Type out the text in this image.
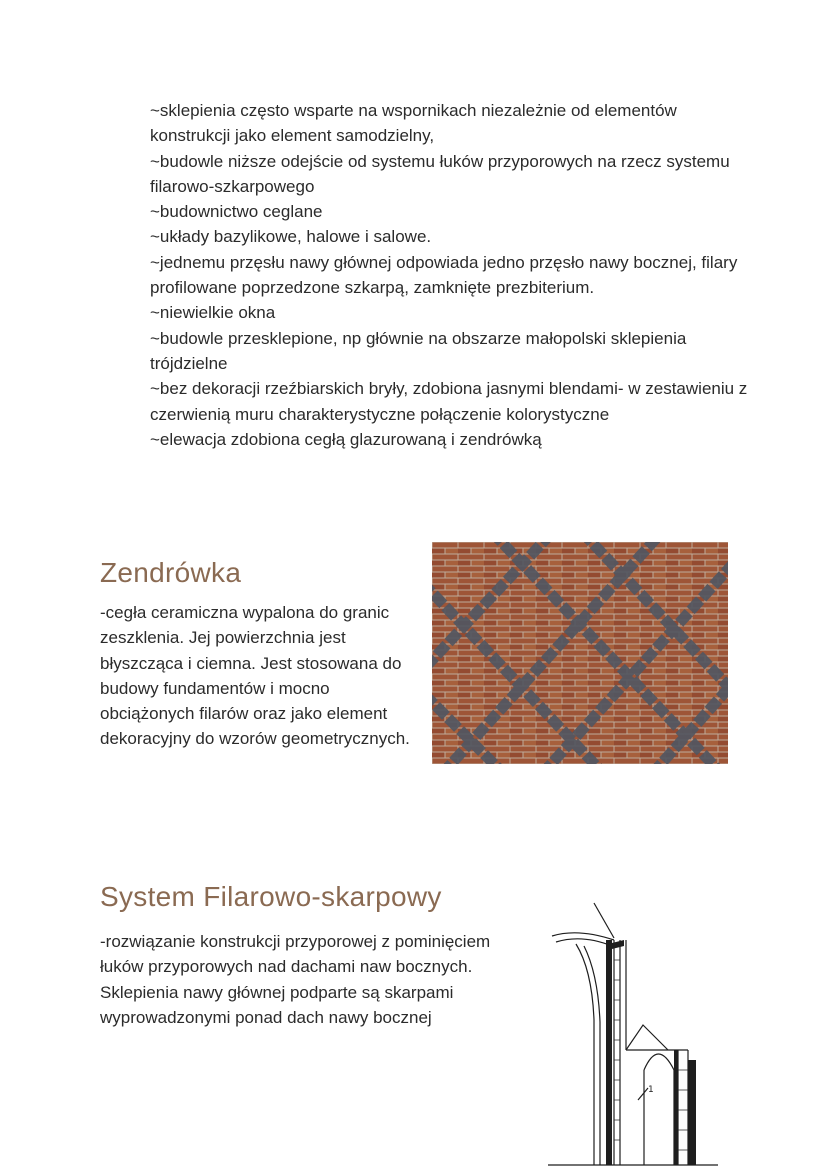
~sklepienia często wsparte na wspornikach niezależnie od elementów konstrukcji jako element samodzielny,
~budowle niższe odejście od systemu łuków przyporowych na rzecz systemu filarowo-szkarpowego
~budownictwo ceglane
~układy bazylikowe, halowe i salowe.
~jednemu przęsłu nawy głównej odpowiada jedno przęsło nawy bocznej, filary profilowane poprzedzone szkarpą, zamknięte prezbiterium.
~niewielkie okna
~budowle przesklepione, np głównie na obszarze małopolski sklepienia trójdzielne
~bez dekoracji rzeźbiarskich bryły, zdobiona jasnymi blendami- w zestawieniu z czerwienią muru charakterystyczne połączenie kolorystyczne
~elewacja zdobiona cegłą glazurowaną i zendrówką
Zendrówka

-cegła ceramiczna wypalona do granic zeszklenia. Jej powierzchnia jest błyszcząca i ciemna. Jest stosowana do budowy fundamentów i mocno obciążonych filarów oraz jako element dekoracyjny do wzorów geometrycznych.

System Filarowo-skarpowy

-rozwiązanie konstrukcji przyporowej z pominięciem łuków przyporowych nad dachami naw bocznych. Sklepienia nawy głównej podparte są skarpami wyprowadzonymi ponad dach nawy bocznej

1
